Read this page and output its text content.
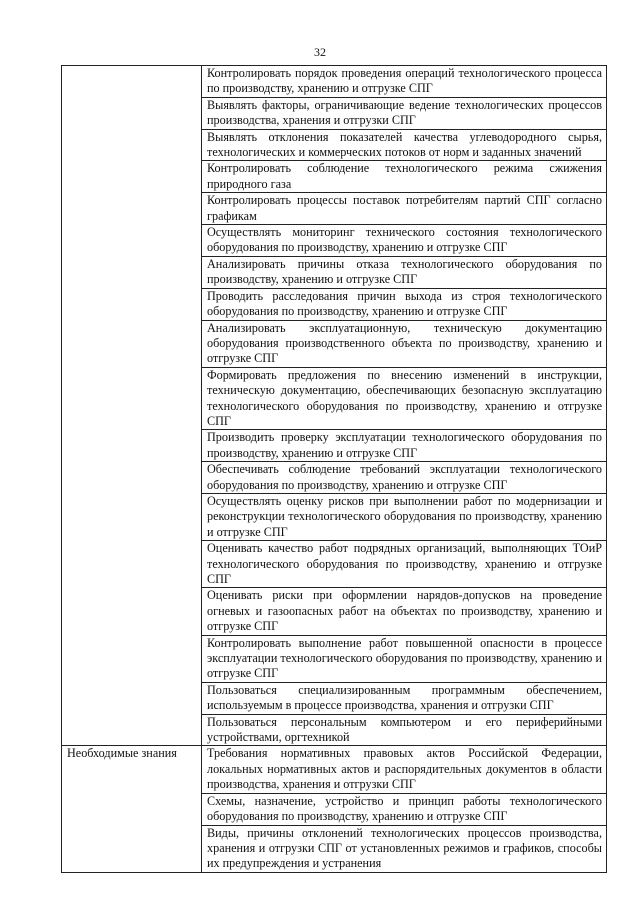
32

	Контролировать порядок проведения операций технологического процесса по производству, хранению и отгрузке СПГ

	Выявлять факторы, ограничивающие ведение технологических процессов производства, хранения и отгрузки СПГ

	Выявлять отклонения показателей качества углеводородного сырья, технологических и коммерческих потоков от норм и заданных значений

	Контролировать соблюдение технологического режима сжижения природного газа

	Контролировать процессы поставок потребителям партий СПГ согласно графикам

	Осуществлять мониторинг технического состояния технологического оборудования по производству, хранению и отгрузке СПГ

	Анализировать причины отказа технологического оборудования по производству, хранению и отгрузке СПГ

	Проводить расследования причин выхода из строя технологического оборудования по производству, хранению и отгрузке СПГ

	Анализировать эксплуатационную, техническую документацию оборудования производственного объекта по производству, хранению и отгрузке СПГ

	Формировать предложения по внесению изменений в инструкции, техническую документацию, обеспечивающих безопасную эксплуатацию технологического оборудования по производству, хранению и отгрузке СПГ

	Производить проверку эксплуатации технологического оборудования по производству, хранению и отгрузке СПГ

	Обеспечивать соблюдение требований эксплуатации технологического оборудования по производству, хранению и отгрузке СПГ

	Осуществлять оценку рисков при выполнении работ по модернизации и реконструкции технологического оборудования по производству, хранению и отгрузке СПГ

	Оценивать качество работ подрядных организаций, выполняющих ТОиР технологического оборудования по производству, хранению и отгрузке СПГ

	Оценивать риски при оформлении нарядов-допусков на проведение огневых и газоопасных работ на объектах по производству, хранению и отгрузке СПГ

	Контролировать выполнение работ повышенной опасности в процессе эксплуатации технологического оборудования по производству, хранению и отгрузке СПГ

	Пользоваться специализированным программным обеспечением, используемым в процессе производства, хранения и отгрузки СПГ

	Пользоваться персональным компьютером и его периферийными устройствами, оргтехникой

Необходимые знания	Требования нормативных правовых актов Российской Федерации, локальных нормативных актов и распорядительных документов в области производства, хранения и отгрузки СПГ

	Схемы, назначение, устройство и принцип работы технологического оборудования по производству, хранению и отгрузке СПГ

	Виды, причины отклонений технологических процессов производства, хранения и отгрузки СПГ от установленных режимов и графиков, способы их предупреждения и устранения
